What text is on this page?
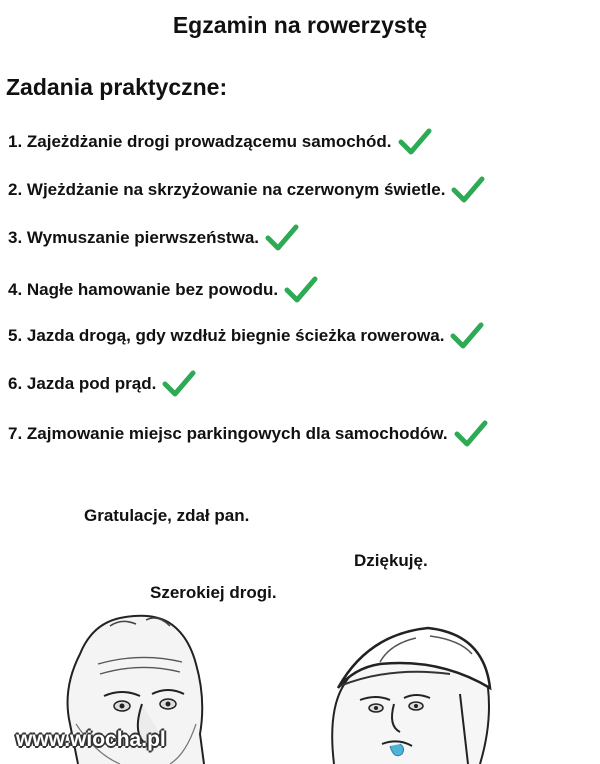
Egzamin na rowerzystę
Zadania praktyczne:
1. Zajeżdżanie drogi prowadzącemu samochód.
2. Wjeżdżanie na skrzyżowanie na czerwonym świetle.
3. Wymuszanie pierwszeństwa.
4. Nagłe hamowanie bez powodu.
5. Jazda drogą, gdy wzdłuż biegnie ścieżka rowerowa.
6. Jazda pod prąd.
7. Zajmowanie miejsc parkingowych dla samochodów.
Gratulacje, zdał pan.
Dziękuję.
Szerokiej drogi.
www.wiocha.pl
